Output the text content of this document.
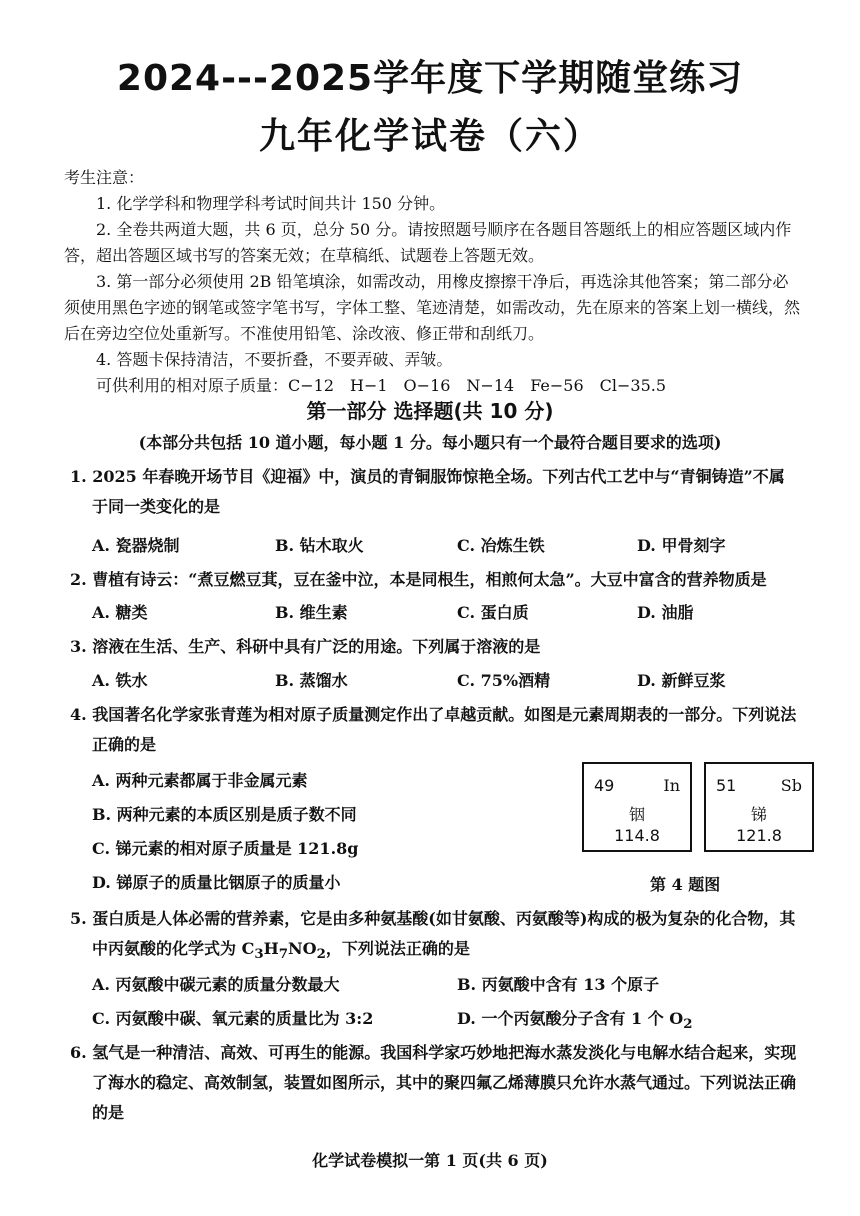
2024---2025学年度下学期随堂练习
九年化学试卷（六）

考生注意：

1. 化学学科和物理学科考试时间共计 150 分钟。

2. 全卷共两道大题，共 6 页，总分 50 分。请按照题号顺序在各题目答题纸上的相应答题区域内作答，超出答题区域书写的答案无效；在草稿纸、试题卷上答题无效。

3. 第一部分必须使用 2B 铅笔填涂，如需改动，用橡皮擦擦干净后，再选涂其他答案；第二部分必须使用黑色字迹的钢笔或签字笔书写，字体工整、笔迹清楚，如需改动，先在原来的答案上划一横线，然后在旁边空位处重新写。不准使用铅笔、涂改液、修正带和刮纸刀。

4. 答题卡保持清洁，不要折叠，不要弄破、弄皱。

可供利用的相对原子质量：C−12　H−1　O−16　N−14　Fe−56　Cl−35.5

第一部分 选择题(共 10 分)
(本部分共包括 10 道小题，每小题 1 分。每小题只有一个最符合题目要求的选项)
1. 2025 年春晚开场节目《迎福》中，演员的青铜服饰惊艳全场。下列古代工艺中与“青铜铸造”不属于同一类变化的是
A. 瓷器烧制	B. 钻木取火	C. 冶炼生铁	D. 甲骨刻字
2. 曹植有诗云：“煮豆燃豆萁，豆在釜中泣，本是同根生，相煎何太急”。大豆中富含的营养物质是
A. 糖类	B. 维生素	C. 蛋白质	D. 油脂
3. 溶液在生活、生产、科研中具有广泛的用途。下列属于溶液的是
A. 铁水	B. 蒸馏水	C. 75%酒精	D. 新鲜豆浆
4. 我国著名化学家张青莲为相对原子质量测定作出了卓越贡献。如图是元素周期表的一部分。下列说法正确的是
A. 两种元素都属于非金属元素
B. 两种元素的本质区别是质子数不同
C. 锑元素的相对原子质量是 121.8g
D. 锑原子的质量比铟原子的质量小
49	In
铟
114.8
51	Sb
锑
121.8
第 4 题图
5. 蛋白质是人体必需的营养素，它是由多种氨基酸(如甘氨酸、丙氨酸等)构成的极为复杂的化合物，其中丙氨酸的化学式为 $C_3H_7NO_2$，下列说法正确的是
A. 丙氨酸中碳元素的质量分数最大	B. 丙氨酸中含有 13 个原子
C. 丙氨酸中碳、氧元素的质量比为 3:2	D. 一个丙氨酸分子含有 1 个 $O_2$
6. 氢气是一种清洁、高效、可再生的能源。我国科学家巧妙地把海水蒸发淡化与电解水结合起来，实现了海水的稳定、高效制氢，装置如图所示，其中的聚四氟乙烯薄膜只允许水蒸气通过。下列说法正确的是
化学试卷模拟一第 1 页(共 6 页)
